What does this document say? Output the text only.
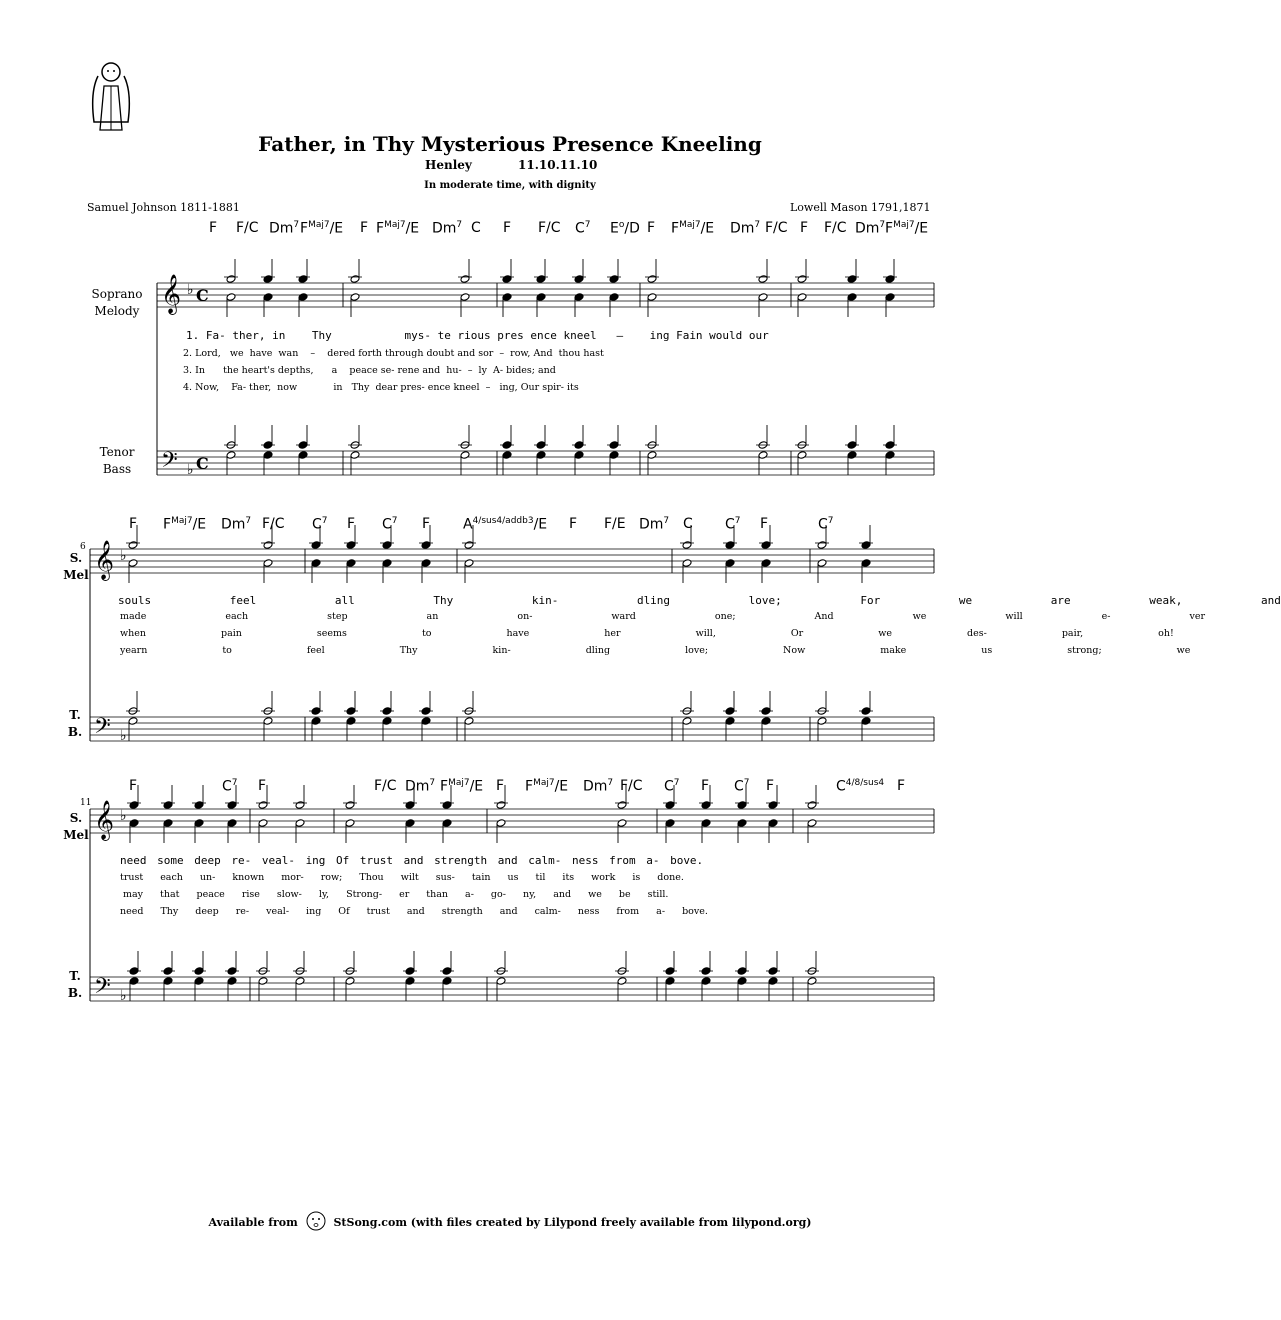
Father, in Thy Mysterious Presence Kneeling
Henley	11.10.11.10
In moderate time, with dignity
Samuel Johnson 1811-1881	Lowell Mason 1791,1871
F F/C Dm$^7$ $F^{Maj7}/E$ F $F^{Maj7}/E$ Dm$^7$ C F F/C $C^7$ $E^o/D$ F $F^{Maj7}/E$ Dm$^7$ F/C F F/C Dm$^7$ $F^{Maj7}/E$
Soprano
Melody
Tenor
Bass
𝄞
𝄢
♭
♭
C
C
1. Fa- ther, in    Thy           mys- te rious pres ence kneel   –    ing Fain would our
2. Lord,   we  have  wan    –    dered forth through doubt and sor  –  row, And  thou hast
3. In      the heart's depths,      a    peace se- rene and  hu-  –  ly  A- bides; and
4. Now,    Fa- ther,  now            in   Thy  dear pres- ence kneel  –   ing, Our spir- its
F $F^{Maj7}/E$ Dm$^7$ F/C $C^7$ F $C^7$ F $A^{4/sus4/addb3}/E$ F F/E Dm$^7$ C $C^7$ F	$C^7$
6
S.
Mel
T.
B.
𝄞
𝄢
♭
♭
souls feel all Thy kin- dling love; For we are weak, and
made each step an on- ward one; And we will e- ver
when pain seems to have her will, Or we des- pair, oh!
yearn to feel Thy kin- dling love; Now make us strong; we
F	$C^7$ F	F/C Dm$^7$ $F^{Maj7}/E$ F $F^{Maj7}/E$ Dm$^7$ F/C $C^7$ F $C^7$ F	$C^{4/8/sus4}$ F
11
S.
Mel
T.
B.
𝄞
𝄢
♭
♭
need some deep re- veal- ing Of trust and strength and calm- ness from a- bove.
trust each un- known mor- row; Thou wilt sus- tain us til its work is done.
may that peace rise slow- ly, Strong- er than a- go- ny, and we be still.
need Thy deep re- veal- ing Of trust and strength and calm- ness from a- bove.
Available from	StSong.com (with files created by Lilypond freely available from lilypond.org)
